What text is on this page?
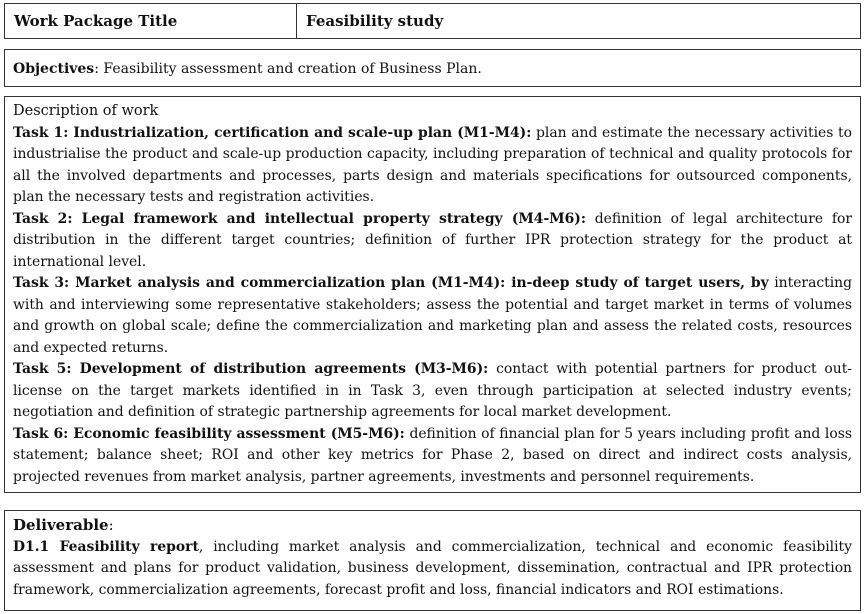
Work Package Title	Feasibility study
Objectives: Feasibility assessment and creation of Business Plan.

Description of work

Task 1: Industrialization, certification and scale-up plan (M1-M4): plan and estimate the necessary activities to industrialise the product and scale-up production capacity, including preparation of technical and quality protocols for all the involved departments and processes, parts design and materials specifications for outsourced components, plan the necessary tests and registration activities.

Task 2: Legal framework and intellectual property strategy (M4-M6): definition of legal architecture for distribution in the different target countries; definition of further IPR protection strategy for the product at international level.

Task 3: Market analysis and commercialization plan (M1-M4): in-deep study of target users, by interacting with and interviewing some representative stakeholders; assess the potential and target market in terms of volumes and growth on global scale; define the commercialization and marketing plan and assess the related costs, resources and expected returns.

Task 5: Development of distribution agreements (M3-M6): contact with potential partners for product out-license on the target markets identified in in Task 3, even through participation at selected industry events; negotiation and definition of strategic partnership agreements for local market development.

Task 6: Economic feasibility assessment (M5-M6): definition of financial plan for 5 years including profit and loss statement; balance sheet; ROI and other key metrics for Phase 2, based on direct and indirect costs analysis, projected revenues from market analysis, partner agreements, investments and personnel requirements.

Deliverable:

D1.1 Feasibility report, including market analysis and commercialization, technical and economic feasibility assessment and plans for product validation, business development, dissemination, contractual and IPR protection framework, commercialization agreements, forecast profit and loss, financial indicators and ROI estimations.
